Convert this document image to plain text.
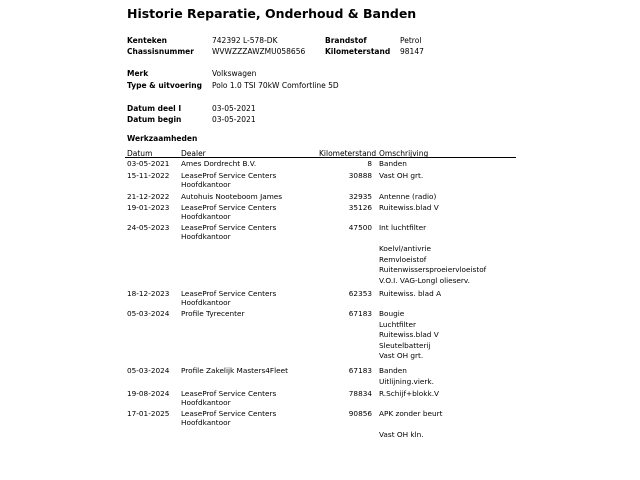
Historie Reparatie, Onderhoud & Banden
Kenteken	742392 L-578-DK	Brandstof	Petrol
Chassisnummer WVWZZZAWZMU058656	Kilometerstand 98147
Merk	Volkswagen
Type & uitvoering Polo 1.0 TSI 70kW Comfortline 5D
Datum deel I	03-05-2021
Datum begin	03-05-2021
Werkzaamheden
Datum	Dealer	Kilometerstand Omschrijving
03-05-2021 Ames Dordrecht B.V.	8 Banden
15-11-2022 LeaseProf Service Centers
Hoofdkantoor
30888 Vast OH grt.
21-12-2022 Autohuis Nooteboom James	32935 Antenne (radio)
19-01-2023 LeaseProf Service Centers
Hoofdkantoor
35126 Ruitewiss.blad V
24-05-2023 LeaseProf Service Centers
Hoofdkantoor
47500 Int luchtfilter
Koelvl/antivrie
Remvloeistof
Ruitenwissersproeiervloeistof
V.O.I. VAG-Longl olieserv.
18-12-2023 LeaseProf Service Centers
Hoofdkantoor
62353 Ruitewiss. blad A
05-03-2024 Profile Tyrecenter	67183 Bougie
Luchtfilter
Ruitewiss.blad V
Sleutelbatterij
Vast OH grt.
05-03-2024 Profile Zakelijk Masters4Fleet	67183 Banden
Uitlijning.vierk.
19-08-2024 LeaseProf Service Centers
Hoofdkantoor
78834 R.Schijf+blokk.V
17-01-2025 LeaseProf Service Centers
Hoofdkantoor
90856 APK zonder beurt
Vast OH kln.
